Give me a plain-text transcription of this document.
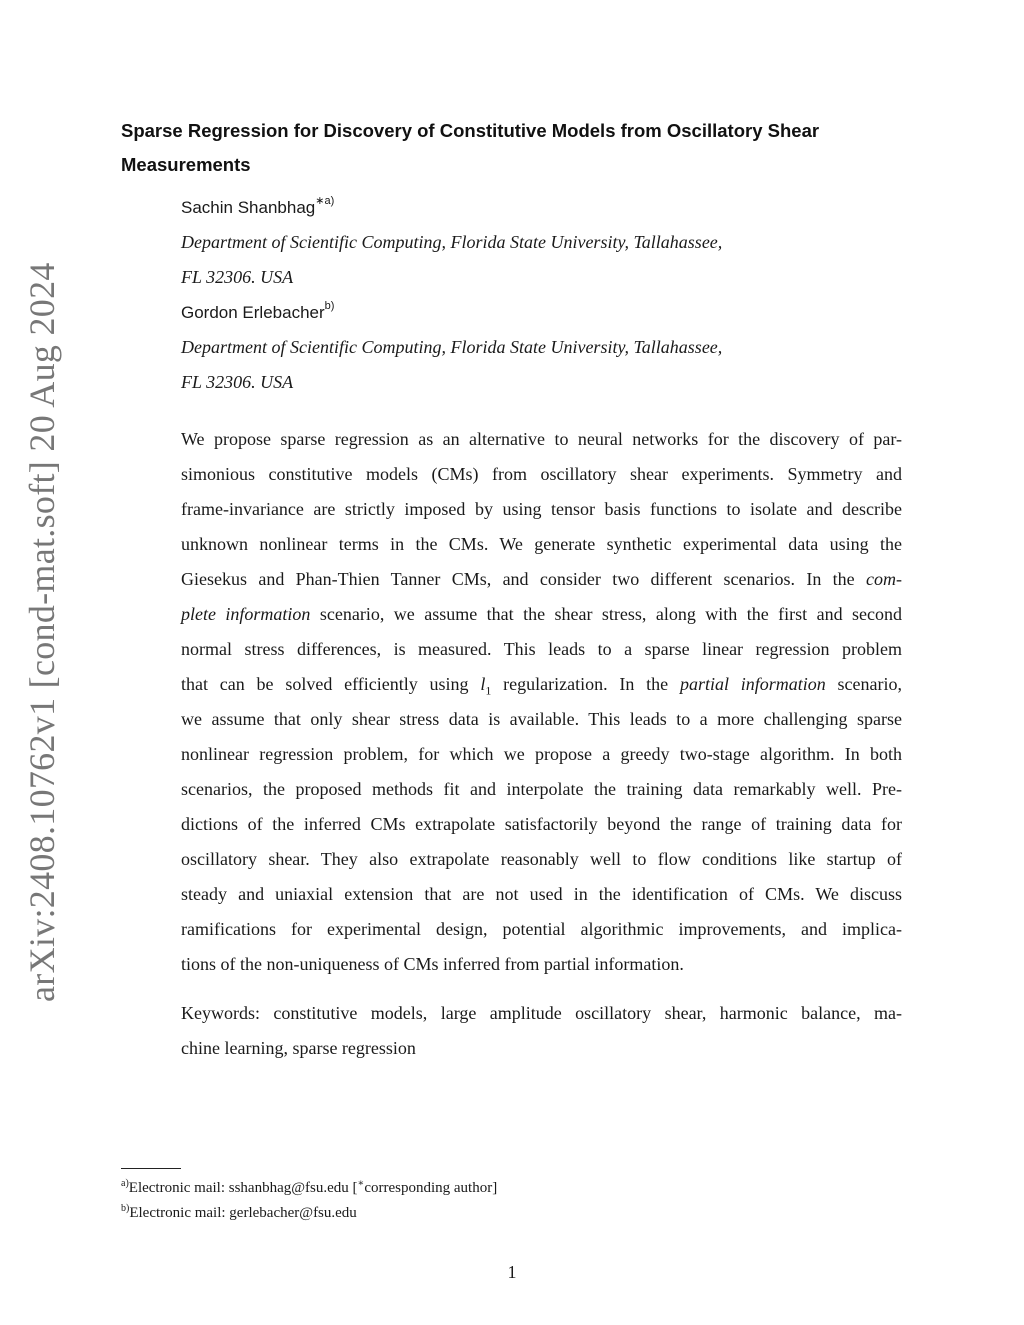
arXiv:2408.10762v1 [cond-mat.soft] 20 Aug 2024
Sparse Regression for Discovery of Constitutive Models from Oscillatory Shear
Measurements
Sachin Shanbhag$^{∗a)}$
Department of Scientific Computing, Florida State University, Tallahassee,
FL 32306. USA
Gordon Erlebacher$^{b)}$
Department of Scientific Computing, Florida State University, Tallahassee,
FL 32306. USA
We propose sparse regression as an alternative to neural networks for the discovery of par-
simonious constitutive models (CMs) from oscillatory shear experiments. Symmetry and
frame-invariance are strictly imposed by using tensor basis functions to isolate and describe
unknown nonlinear terms in the CMs. We generate synthetic experimental data using the
Giesekus and Phan-Thien Tanner CMs, and consider two different scenarios. In the com-
plete information scenario, we assume that the shear stress, along with the first and second
normal stress differences, is measured. This leads to a sparse linear regression problem
that can be solved efficiently using $l_1$ regularization. In the partial information scenario,
we assume that only shear stress data is available. This leads to a more challenging sparse
nonlinear regression problem, for which we propose a greedy two-stage algorithm. In both
scenarios, the proposed methods fit and interpolate the training data remarkably well. Pre-
dictions of the inferred CMs extrapolate satisfactorily beyond the range of training data for
oscillatory shear. They also extrapolate reasonably well to flow conditions like startup of
steady and uniaxial extension that are not used in the identification of CMs. We discuss
ramifications for experimental design, potential algorithmic improvements, and implica-
tions of the non-uniqueness of CMs inferred from partial information.
Keywords: constitutive models, large amplitude oscillatory shear, harmonic balance, ma-
chine learning, sparse regression
$^{a)}$Electronic mail: sshanbhag@fsu.edu [∗corresponding author]
$^{b)}$Electronic mail: gerlebacher@fsu.edu
1
